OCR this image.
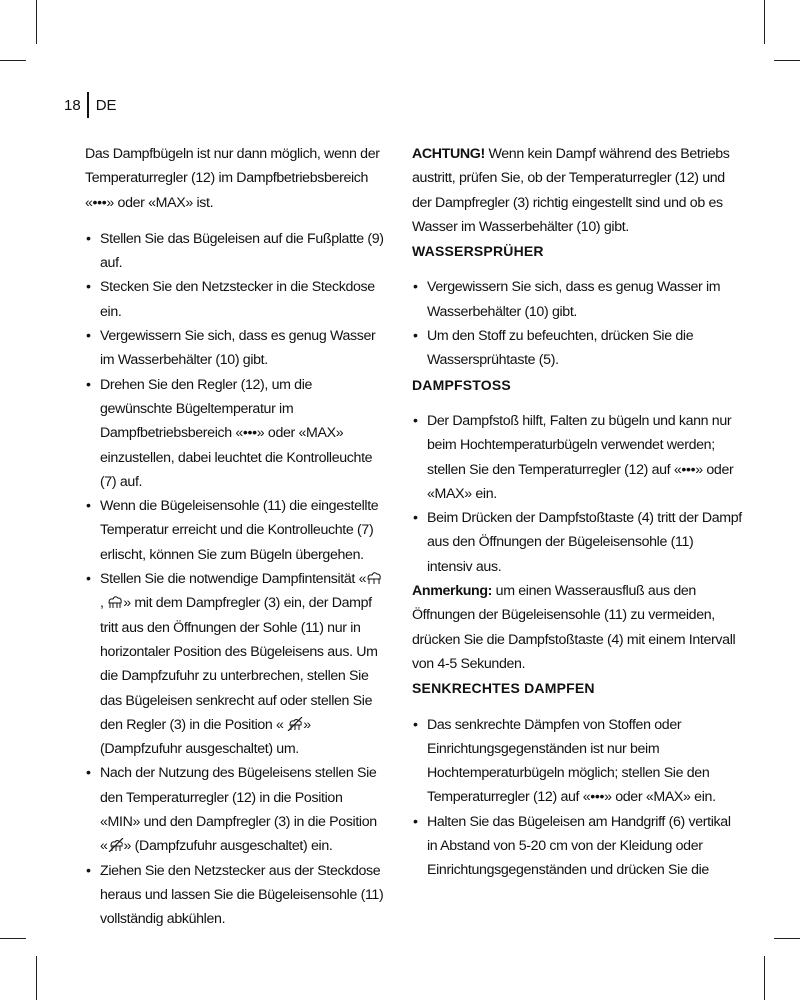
18	DE

Das Dampfbügeln ist nur dann möglich, wenn der Temperaturregler (12) im Dampfbetriebsbereich «•••» oder «MAX» ist.

• Stellen Sie das Bügeleisen auf die Fußplatte (9) auf.
• Stecken Sie den Netzstecker in die Steckdose ein.
• Vergewissern Sie sich, dass es genug Wasser im Wasserbehälter (10) gibt.
• Drehen Sie den Regler (12), um die gewünschte Bügeltemperatur im Dampfbetriebsbereich «•••» oder «MAX» einzustellen, dabei leuchtet die Kontrolleuchte (7) auf.
• Wenn die Bügeleisensohle (11) die eingestellte Temperatur erreicht und die Kontrolleuchte (7) erlischt, können Sie zum Bügeln übergehen.
• Stellen Sie die notwendige Dampfintensität «, » mit dem Dampfregler (3) ein, der Dampf tritt aus den Öffnungen der Sohle (11) nur in horizontaler Position des Bügeleisens aus. Um die Dampfzufuhr zu unterbrechen, stellen Sie das Bügeleisen senkrecht auf oder stellen Sie den Regler (3) in die Position « » (Dampfzufuhr ausgeschaltet) um.
• Nach der Nutzung des Bügeleisens stellen Sie den Temperaturregler (12) in die Position «MIN» und den Dampfregler (3) in die Position « » (Dampfzufuhr ausgeschaltet) ein.
• Ziehen Sie den Netzstecker aus der Steckdose heraus und lassen Sie die Bügeleisensohle (11) vollständig abkühlen.

ACHTUNG! Wenn kein Dampf während des Betriebs austritt, prüfen Sie, ob der Temperaturregler (12) und der Dampfregler (3) richtig eingestellt sind und ob es Wasser im Wasserbehälter (10) gibt.

WASSERSPRÜHER

• Vergewissern Sie sich, dass es genug Wasser im Wasserbehälter (10) gibt.
• Um den Stoff zu befeuchten, drücken Sie die Wassersprühtaste (5).

DAMPFSTOSS

• Der Dampfstoß hilft, Falten zu bügeln und kann nur beim Hochtemperaturbügeln verwendet werden; stellen Sie den Temperaturregler (12) auf «•••» oder «MAX» ein.
• Beim Drücken der Dampfstoßtaste (4) tritt der Dampf aus den Öffnungen der Bügeleisensohle (11) intensiv aus.

Anmerkung: um einen Wasserausfluß aus den Öffnungen der Bügeleisensohle (11) zu vermeiden, drücken Sie die Dampfstoßtaste (4) mit einem Intervall von 4-5 Sekunden.

SENKRECHTES DAMPFEN

• Das senkrechte Dämpfen von Stoffen oder Einrichtungsgegenständen ist nur beim Hochtemperaturbügeln möglich; stellen Sie den Temperaturregler (12) auf «•••» oder «MAX» ein.
• Halten Sie das Bügeleisen am Handgriff (6) vertikal in Abstand von 5-20 cm von der Kleidung oder Einrichtungsgegenständen und drücken Sie die
